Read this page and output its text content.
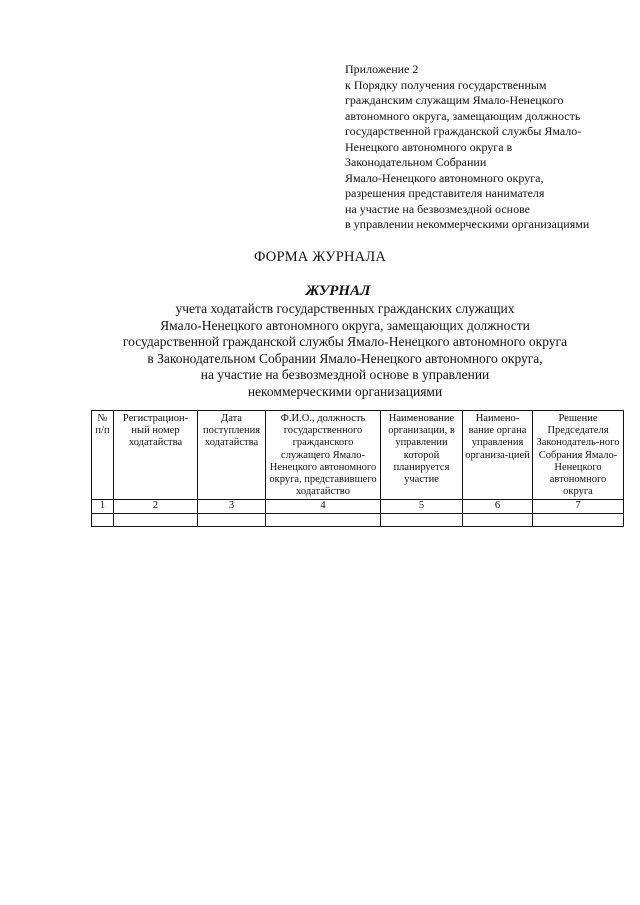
Приложение 2
к Порядку получения государственным
гражданским служащим Ямало-Ненецкого
автономного округа, замещающим должность
государственной гражданской службы Ямало-
Ненецкого автономного округа в
Законодательном Собрании
Ямало-Ненецкого автономного округа,
разрешения представителя нанимателя
на участие на безвозмездной основе
в управлении некоммерческими организациями
ФОРМА ЖУРНАЛА
ЖУРНАЛ
учета ходатайств государственных гражданских служащих
Ямало-Ненецкого автономного округа, замещающих должности
государственной гражданской службы Ямало-Ненецкого автономного округа
в Законодательном Собрании Ямало-Ненецкого автономного округа,
на участие на безвозмездной основе в управлении
некоммерческими организациями
№ п/п	Регистрацион-ный номер ходатайства	Дата поступления ходатайства	Ф.И.О., должность государственного гражданского служащего Ямало-Ненецкого автономного округа, представившего ходатайство	Наименование организации, в управлении которой планируется участие	Наимено-вание органа управления организа-цией	Решение Председателя Законодатель-ного Собрания Ямало-Ненецкого автономного округа
1	2	3	4	5	6	7
